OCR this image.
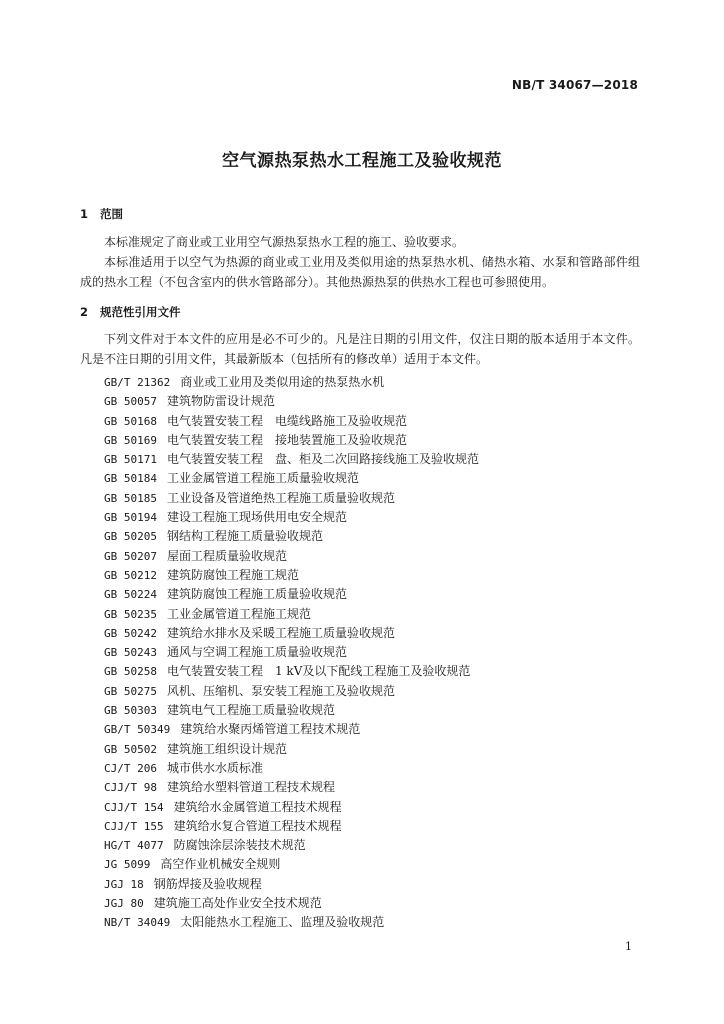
NB/T 34067—2018
空气源热泵热水工程施工及验收规范
1 范围

本标准规定了商业或工业用空气源热泵热水工程的施工、验收要求。

本标准适用于以空气为热源的商业或工业用及类似用途的热泵热水机、储热水箱、水泵和管路部件组成的热水工程（不包含室内的供水管路部分）。其他热源热泵的供热水工程也可参照使用。

2 规范性引用文件

下列文件对于本文件的应用是必不可少的。凡是注日期的引用文件，仅注日期的版本适用于本文件。凡是不注日期的引用文件，其最新版本（包括所有的修改单）适用于本文件。

GB/T 21362 商业或工业用及类似用途的热泵热水机
GB 50057 建筑物防雷设计规范
GB 50168 电气装置安装工程　电缆线路施工及验收规范
GB 50169 电气装置安装工程　接地装置施工及验收规范
GB 50171 电气装置安装工程　盘、柜及二次回路接线施工及验收规范
GB 50184 工业金属管道工程施工质量验收规范
GB 50185 工业设备及管道绝热工程施工质量验收规范
GB 50194 建设工程施工现场供用电安全规范
GB 50205 钢结构工程施工质量验收规范
GB 50207 屋面工程质量验收规范
GB 50212 建筑防腐蚀工程施工规范
GB 50224 建筑防腐蚀工程施工质量验收规范
GB 50235 工业金属管道工程施工规范
GB 50242 建筑给水排水及采暖工程施工质量验收规范
GB 50243 通风与空调工程施工质量验收规范
GB 50258 电气装置安装工程　1 kV及以下配线工程施工及验收规范
GB 50275 风机、压缩机、泵安装工程施工及验收规范
GB 50303 建筑电气工程施工质量验收规范
GB/T 50349 建筑给水聚丙烯管道工程技术规范
GB 50502 建筑施工组织设计规范
CJ/T 206 城市供水水质标准
CJJ/T 98 建筑给水塑料管道工程技术规程
CJJ/T 154 建筑给水金属管道工程技术规程
CJJ/T 155 建筑给水复合管道工程技术规程
HG/T 4077 防腐蚀涂层涂装技术规范
JG 5099 高空作业机械安全规则
JGJ 18 钢筋焊接及验收规程
JGJ 80 建筑施工高处作业安全技术规范
NB/T 34049 太阳能热水工程施工、监理及验收规范
1
